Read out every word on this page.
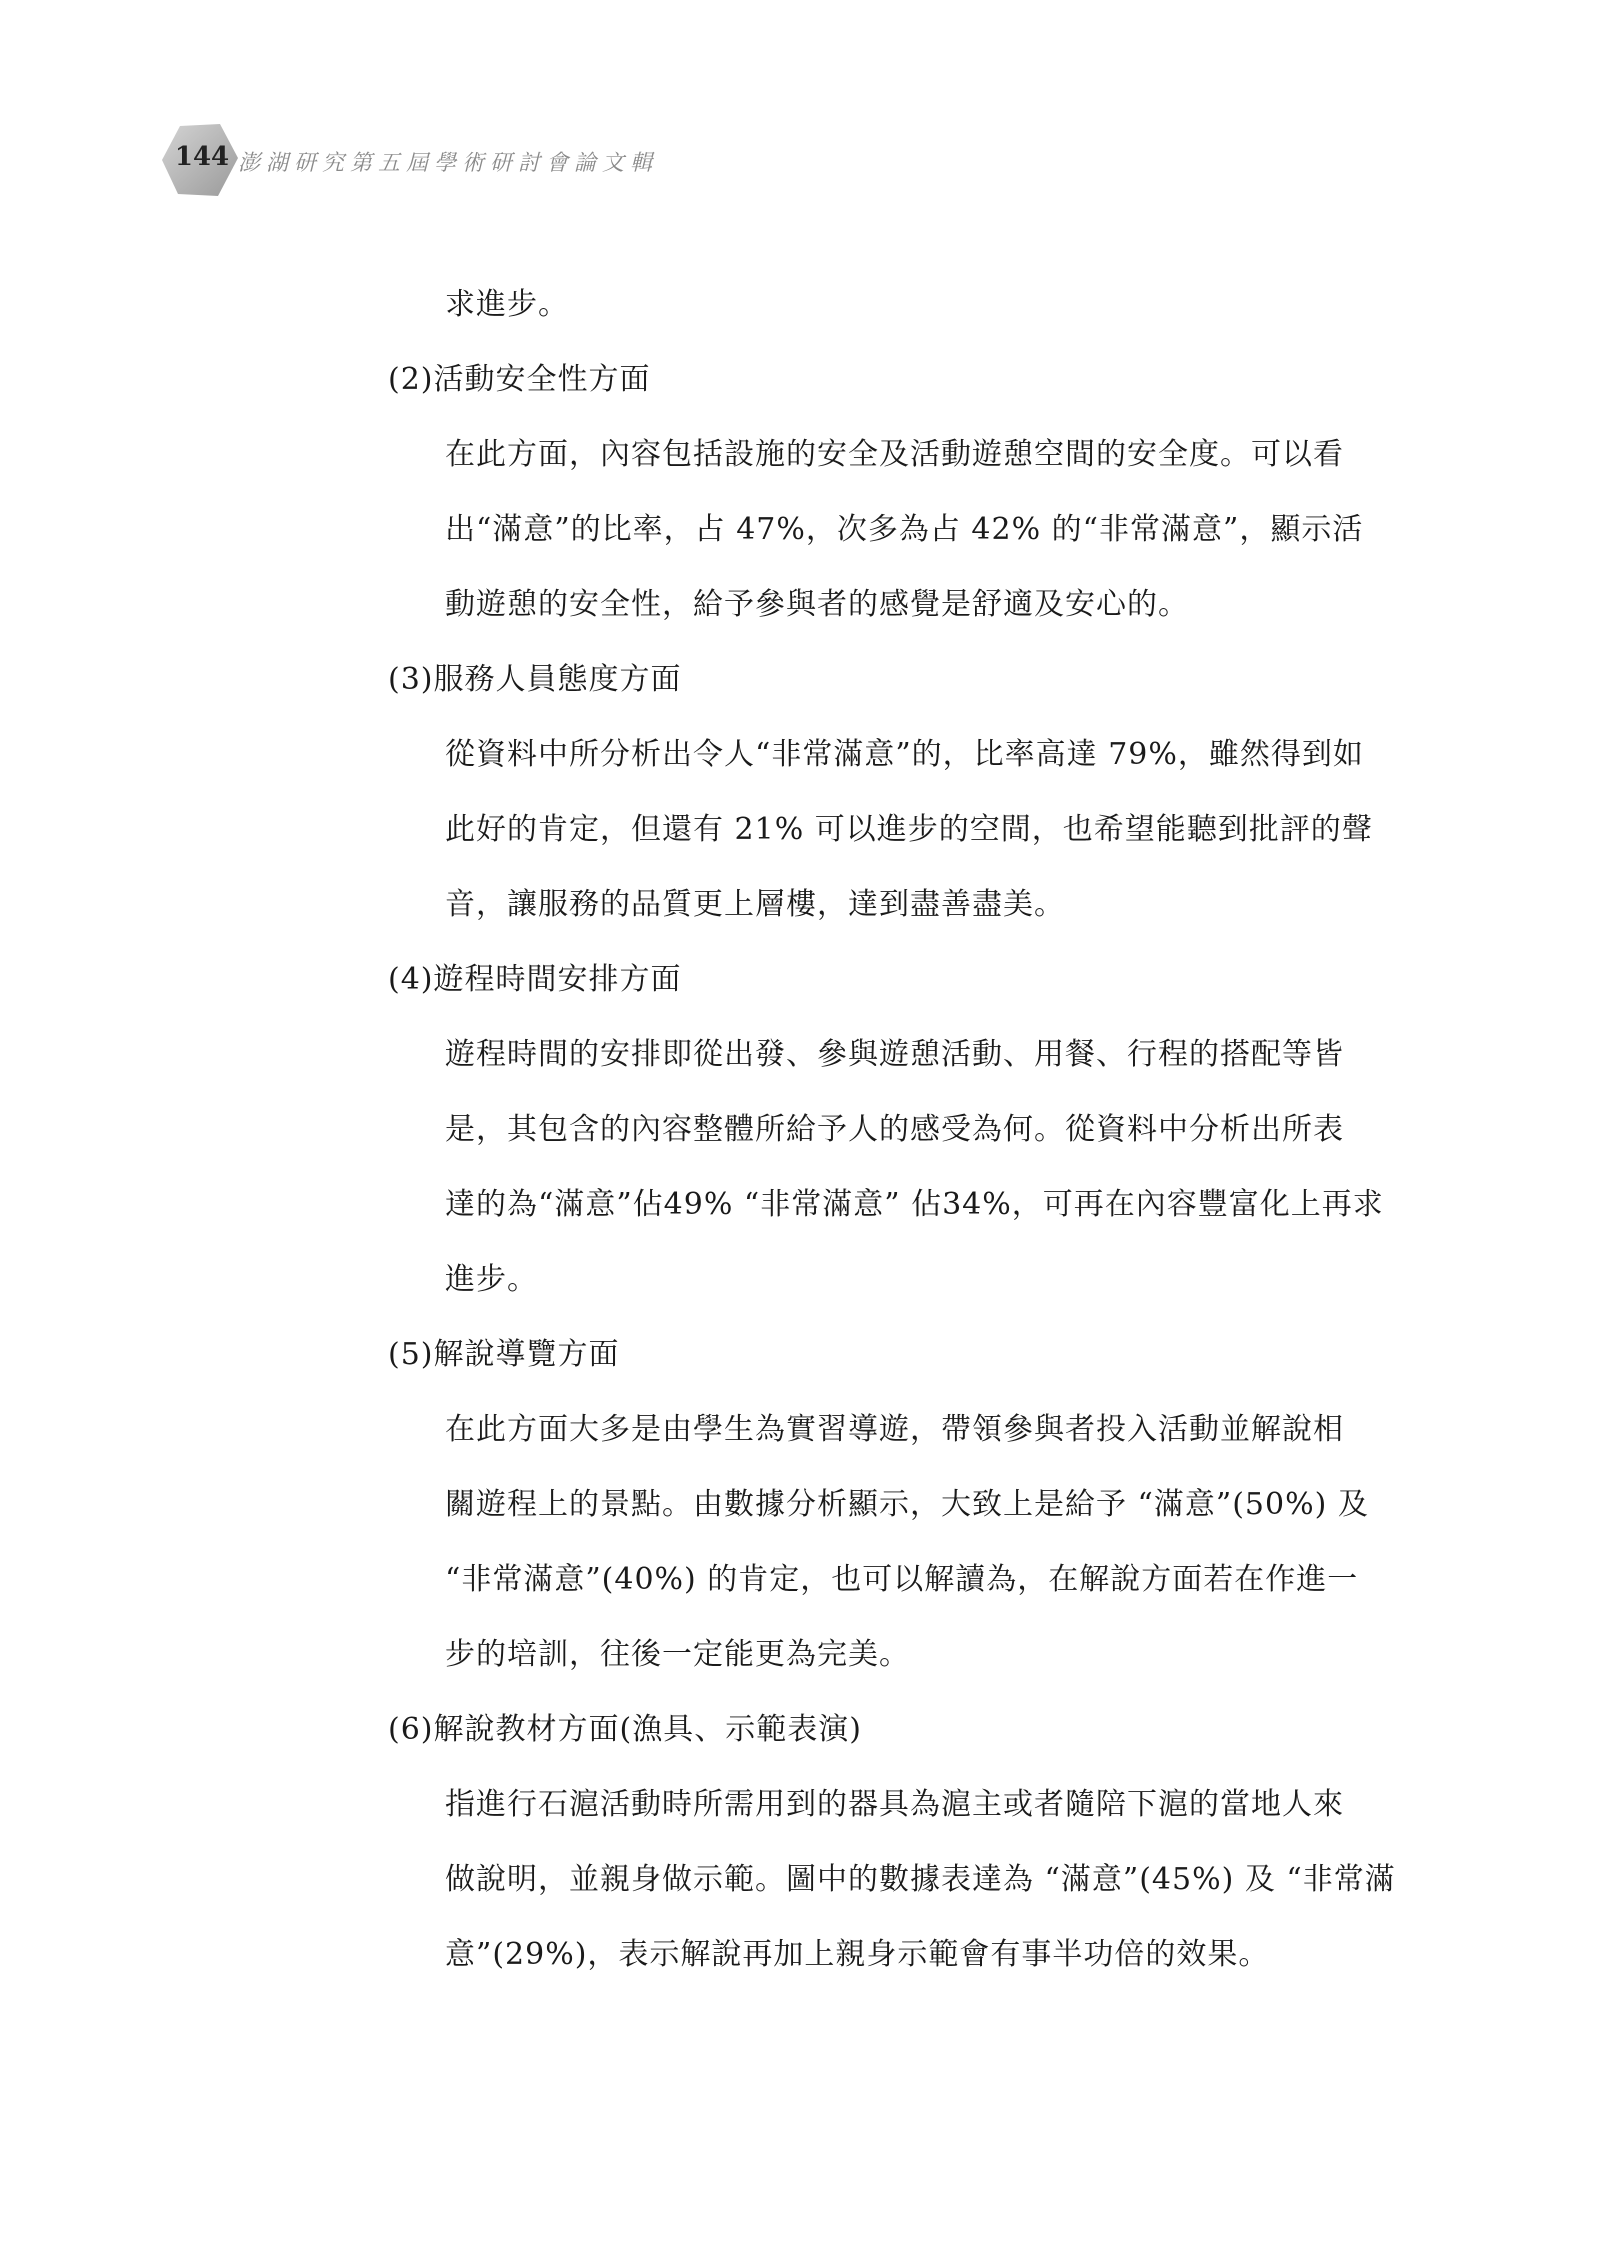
144 澎湖研究第五屆學術研討會論文輯
求進步。
(2)活動安全性方面
在此方面，內容包括設施的安全及活動遊憩空間的安全度。可以看
出“滿意”的比率，占 47%，次多為占 42% 的“非常滿意”，顯示活
動遊憩的安全性，給予參與者的感覺是舒適及安心的。
(3)服務人員態度方面
從資料中所分析出令人“非常滿意”的，比率高達 79%，雖然得到如
此好的肯定，但還有 21% 可以進步的空間，也希望能聽到批評的聲
音，讓服務的品質更上層樓，達到盡善盡美。
(4)遊程時間安排方面
遊程時間的安排即從出發、參與遊憩活動、用餐、行程的搭配等皆
是，其包含的內容整體所給予人的感受為何。從資料中分析出所表
達的為“滿意”佔49% “非常滿意” 佔34%，可再在內容豐富化上再求
進步。
(5)解說導覽方面
在此方面大多是由學生為實習導遊，帶領參與者投入活動並解說相
關遊程上的景點。由數據分析顯示，大致上是給予 “滿意”(50%) 及
“非常滿意”(40%) 的肯定，也可以解讀為，在解說方面若在作進一
步的培訓，往後一定能更為完美。
(6)解說教材方面(漁具、示範表演)
指進行石滬活動時所需用到的器具為滬主或者隨陪下滬的當地人來
做說明，並親身做示範。圖中的數據表達為 “滿意”(45%) 及 “非常滿
意”(29%)，表示解說再加上親身示範會有事半功倍的效果。
